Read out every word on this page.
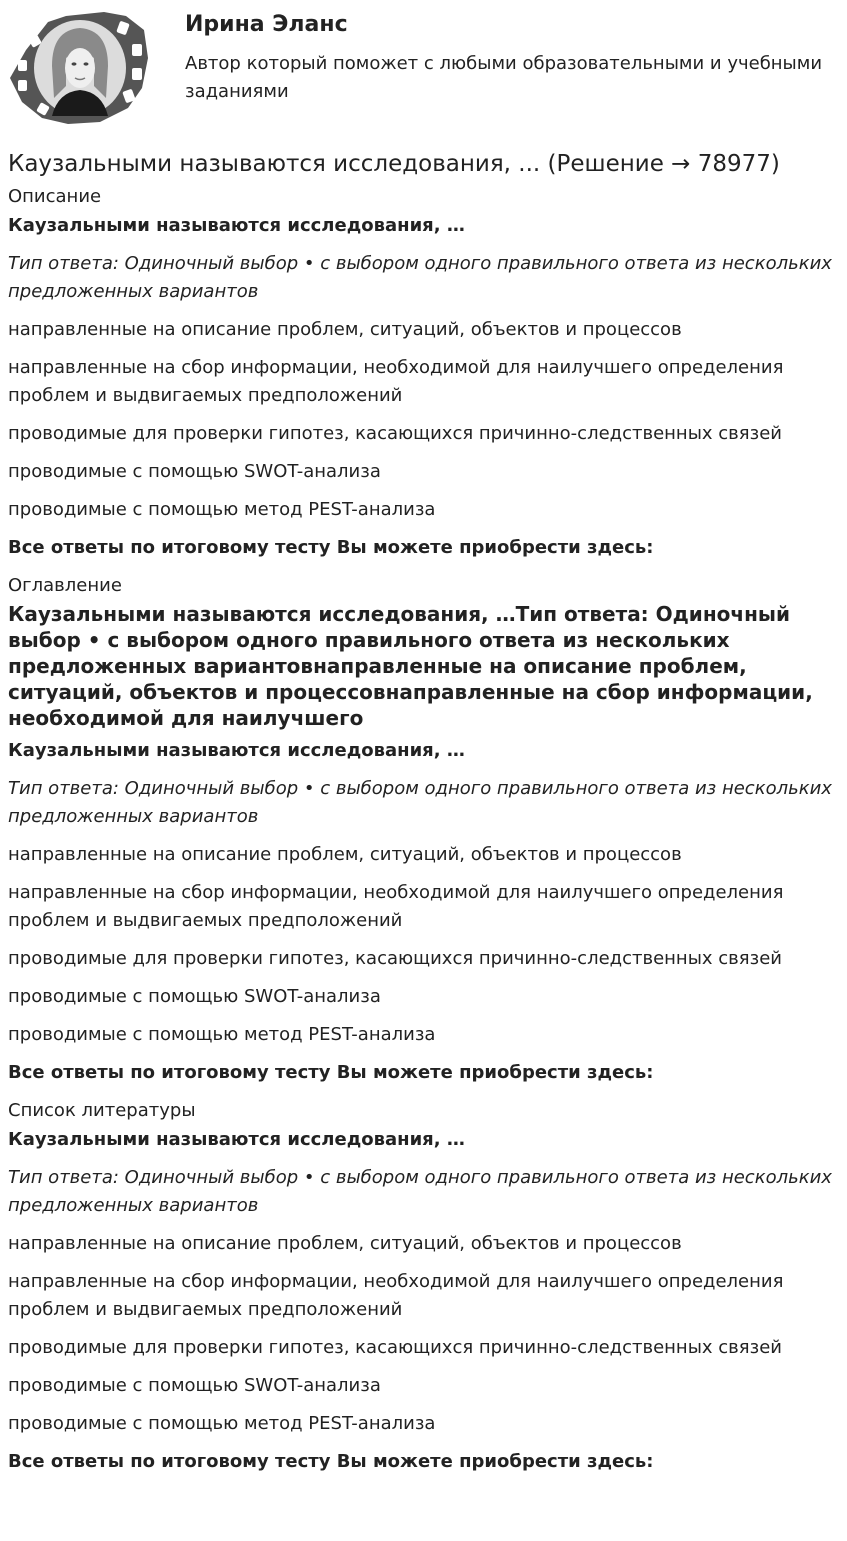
Ирина Эланс
Автор который поможет с любыми образовательными и учебными заданиями
Каузальными называются исследования, ... (Решение → 78977)
Описание

Каузальными называются исследования, …

Тип ответа: Одиночный выбор • с выбором одного правильного ответа из нескольких предложенных вариантов

направленные на описание проблем, ситуаций, объектов и процессов

направленные на сбор информации, необходимой для наилучшего определения проблем и выдвигаемых предположений

проводимые для проверки гипотез, касающихся причинно-следственных связей

проводимые с помощью SWOT-анализа

проводимые с помощью метод PEST-анализа

Все ответы по итоговому тесту Вы можете приобрести здесь:

Оглавление
Каузальными называются исследования, …Тип ответа: Одиночный выбор • с выбором одного правильного ответа из нескольких предложенных вариантовнаправленные на описание проблем, ситуаций, объектов и процессовнаправленные на сбор информации, необходимой для наилучшего

Каузальными называются исследования, …

Тип ответа: Одиночный выбор • с выбором одного правильного ответа из нескольких предложенных вариантов

направленные на описание проблем, ситуаций, объектов и процессов

направленные на сбор информации, необходимой для наилучшего определения проблем и выдвигаемых предположений

проводимые для проверки гипотез, касающихся причинно-следственных связей

проводимые с помощью SWOT-анализа

проводимые с помощью метод PEST-анализа

Все ответы по итоговому тесту Вы можете приобрести здесь:

Список литературы

Каузальными называются исследования, …

Тип ответа: Одиночный выбор • с выбором одного правильного ответа из нескольких предложенных вариантов

направленные на описание проблем, ситуаций, объектов и процессов

направленные на сбор информации, необходимой для наилучшего определения проблем и выдвигаемых предположений

проводимые для проверки гипотез, касающихся причинно-следственных связей

проводимые с помощью SWOT-анализа

проводимые с помощью метод PEST-анализа

Все ответы по итоговому тесту Вы можете приобрести здесь:
